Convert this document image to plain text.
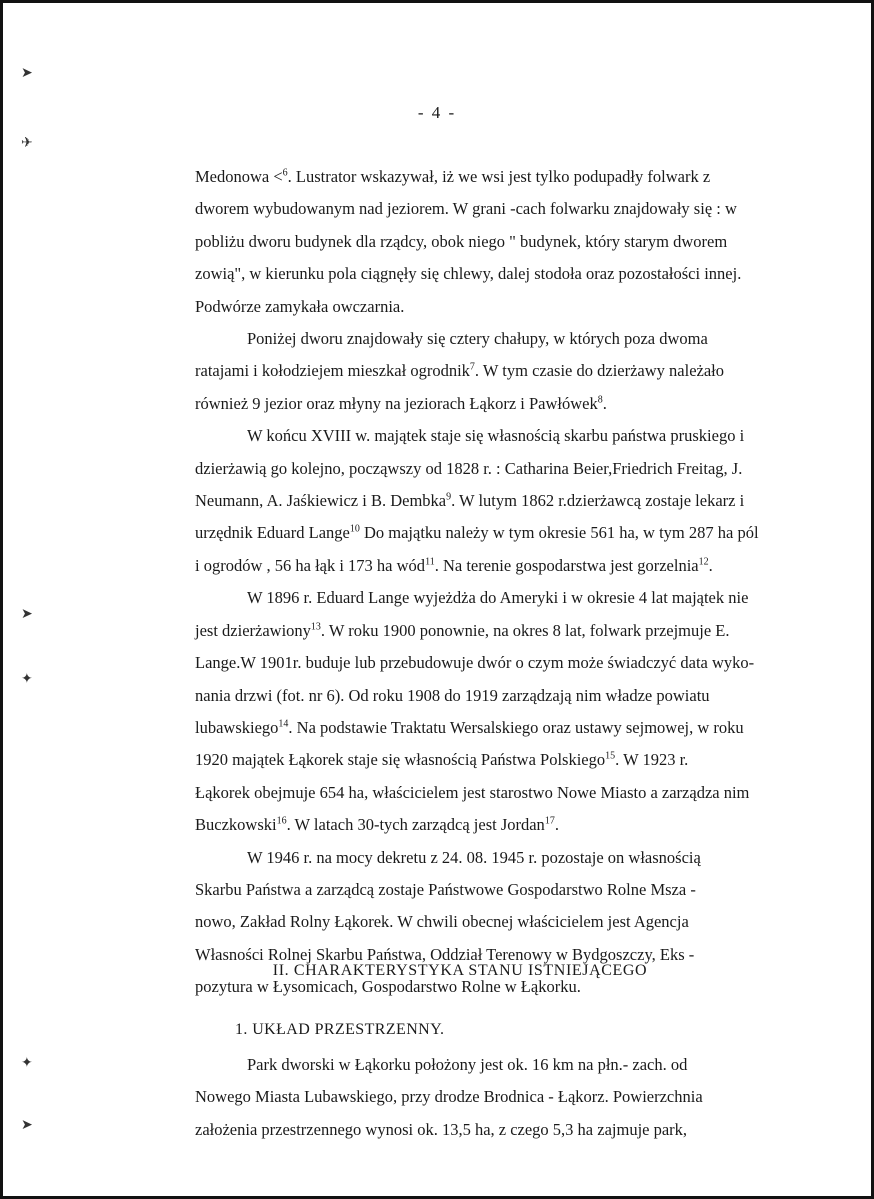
➤
✈
➤
✦
✦
➤
- 4 -

Medonowa <$^6$. Lustrator wskazywał, iż we wsi jest tylko podupadły folwark z
dworem wybudowanym nad jeziorem. W grani -cach folwarku znajdowały się : w
pobliżu dworu budynek dla rządcy, obok niego " budynek, który starym dworem
zowią", w kierunku pola ciągnęły się chlewy, dalej stodoła oraz pozostałości innej.
Podwórze zamykała owczarnia.

Poniżej dworu znajdowały się cztery chałupy, w których poza dwoma
ratajami i kołodziejem mieszkał ogrodnik$^7$. W tym czasie do dzierżawy należało
również 9 jezior oraz młyny na jeziorach Łąkorz i Pawłówek$^8$.

W końcu XVIII w. majątek staje się własnością skarbu państwa pruskiego i
dzierżawią go kolejno, począwszy od 1828 r. : Catharina Beier,Friedrich Freitag, J.
Neumann, A. Jaśkiewicz i B. Dembka$^9$. W lutym 1862 r.dzierżawcą zostaje lekarz i
urzędnik Eduard Lange$^{10}$ Do majątku należy w tym okresie 561 ha, w tym 287 ha pól
i ogrodów , 56 ha łąk i 173 ha wód$^{11}$. Na terenie gospodarstwa jest gorzelnia$^{12}$.

W 1896 r. Eduard Lange wyjeżdża do Ameryki i w okresie 4 lat majątek nie
jest dzierżawiony$^{13}$. W roku 1900 ponownie, na okres 8 lat, folwark przejmuje E.
Lange.W 1901r. buduje lub przebudowuje dwór o czym może świadczyć data wyko-
nania drzwi (fot. nr 6). Od roku 1908 do 1919 zarządzają nim władze powiatu
lubawskiego$^{14}$. Na podstawie Traktatu Wersalskiego oraz ustawy sejmowej, w roku
1920 majątek Łąkorek staje się własnością Państwa Polskiego$^{15}$. W 1923 r.
Łąkorek obejmuje 654 ha, właścicielem jest starostwo Nowe Miasto a zarządza nim
Buczkowski$^{16}$. W latach 30-tych zarządcą jest Jordan$^{17}$.

W 1946 r. na mocy dekretu z 24. 08. 1945 r. pozostaje on własnością
Skarbu Państwa a zarządcą zostaje Państwowe Gospodarstwo Rolne Msza -
nowo, Zakład Rolny Łąkorek. W chwili obecnej właścicielem jest Agencja
Własności Rolnej Skarbu Państwa, Oddział Terenowy w Bydgoszczy, Eks -
pozytura w Łysomicach, Gospodarstwo Rolne w Łąkorku.

II. CHARAKTERYSTYKA STANU ISTNIEJĄCEGO
1. UKŁAD PRZESTRZENNY.
Park dworski w Łąkorku położony jest ok. 16 km na płn.- zach. od
Nowego Miasta Lubawskiego, przy drodze Brodnica - Łąkorz. Powierzchnia
założenia przestrzennego wynosi ok. 13,5 ha, z czego 5,3 ha zajmuje park,
